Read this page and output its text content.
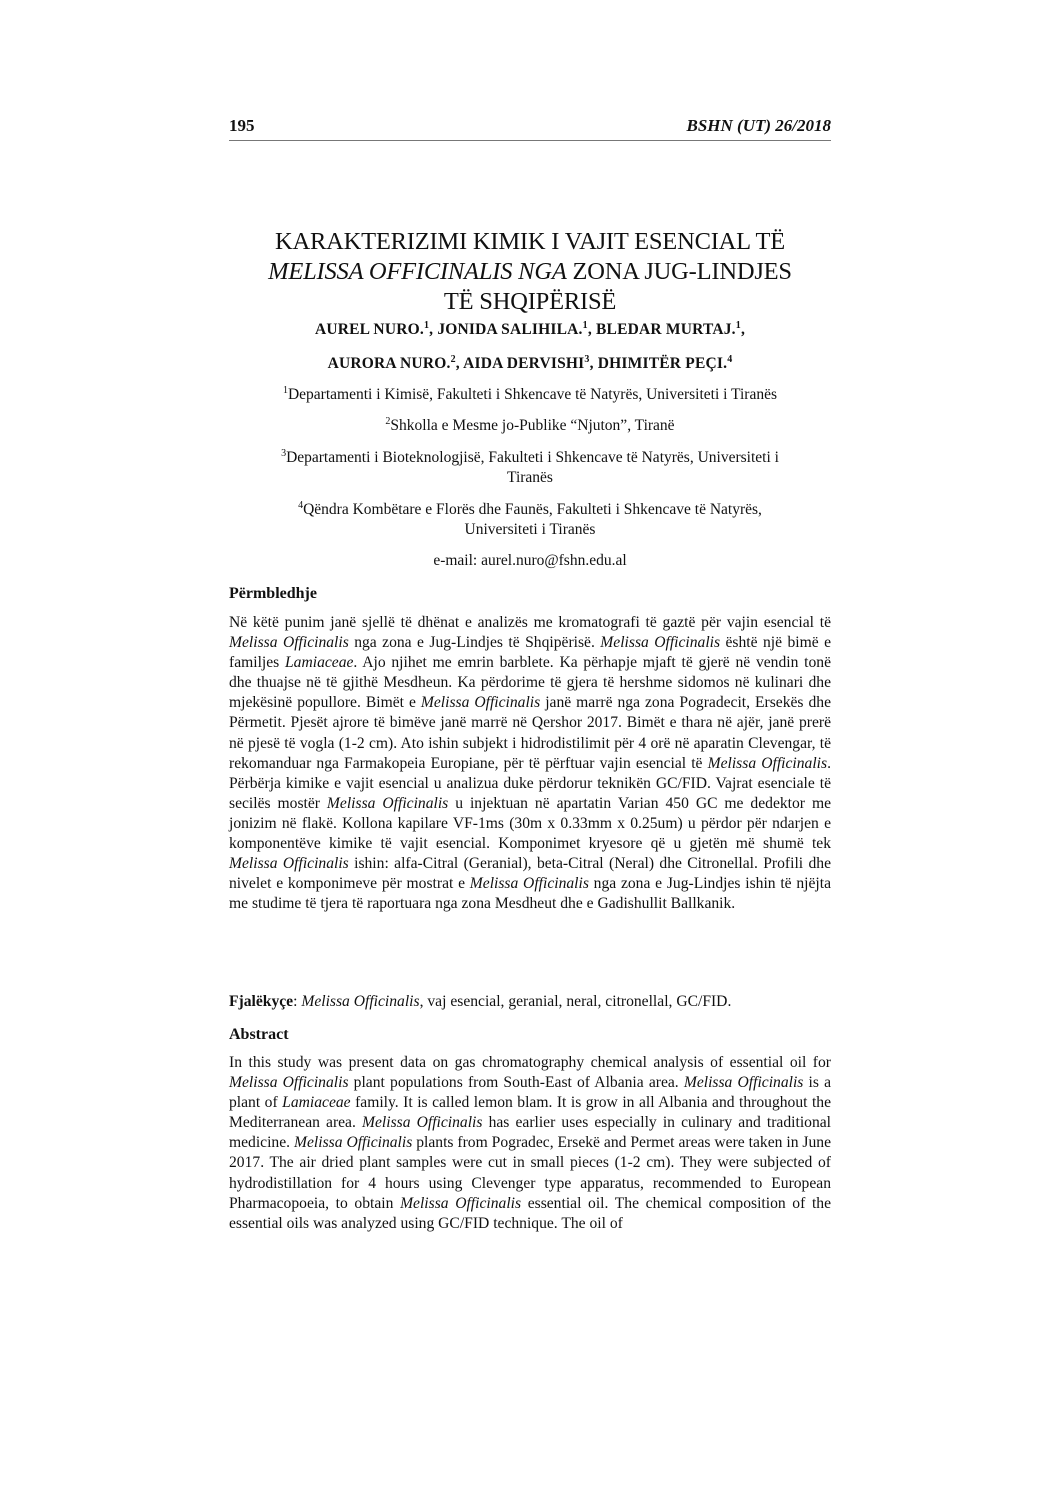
195	BSHN (UT) 26/2018
KARAKTERIZIMI KIMIK I VAJIT ESENCIAL TË
MELISSA OFFICINALIS NGA ZONA JUG-LINDJES
TË SHQIPËRISË
AUREL NURO.$^1$, JONIDA SALIHILA.$^1$, BLEDAR MURTAJ.$^1$,
AURORA NURO.$^2$, AIDA DERVISHI$^3$, DHIMITËR PEÇI.$^4$
$^1$Departamenti i Kimisë, Fakulteti i Shkencave të Natyrës, Universiteti i Tiranës
$^2$Shkolla e Mesme jo-Publike “Njuton”, Tiranë
$^3$Departamenti i Bioteknologjisë, Fakulteti i Shkencave të Natyrës, Universiteti i
Tiranës
$^4$Qëndra Kombëtare e Florës dhe Faunës, Fakulteti i Shkencave të Natyrës,
Universiteti i Tiranës
e-mail: aurel.nuro@fshn.edu.al
Përmbledhje

Në këtë punim janë sjellë të dhënat e analizës me kromatografi të gaztë për vajin esencial të Melissa Officinalis nga zona e Jug-Lindjes të Shqipërisë. Melissa Officinalis është një bimë e familjes Lamiaceae. Ajo njihet me emrin barblete. Ka përhapje mjaft të gjerë në vendin tonë dhe thuajse në të gjithë Mesdheun. Ka përdorime të gjera të hershme sidomos në kulinari dhe mjekësinë popullore. Bimët e Melissa Officinalis janë marrë nga zona Pogradecit, Ersekës dhe Përmetit. Pjesët ajrore të bimëve janë marrë në Qershor 2017. Bimët e thara në ajër, janë prerë në pjesë të vogla (1-2 cm). Ato ishin subjekt i hidrodistilimit për 4 orë në aparatin Clevengar, të rekomanduar nga Farmakopeia Europiane, për të përftuar vajin esencial të Melissa Officinalis. Përbërja kimike e vajit esencial u analizua duke përdorur teknikën GC/FID. Vajrat esenciale të secilës mostër Melissa Officinalis u injektuan në apartatin Varian 450 GC me dedektor me jonizim në flakë. Kollona kapilare VF-1ms (30m x 0.33mm x 0.25um) u përdor për ndarjen e komponentëve kimike të vajit esencial. Komponimet kryesore që u gjetën më shumë tek Melissa Officinalis ishin: alfa-Citral (Geranial), beta-Citral (Neral) dhe Citronellal. Profili dhe nivelet e komponimeve për mostrat e Melissa Officinalis nga zona e Jug-Lindjes ishin të njëjta me studime të tjera të raportuara nga zona Mesdheut dhe e Gadishullit Ballkanik.

Fjalëkyçe: Melissa Officinalis, vaj esencial, geranial, neral, citronellal, GC/FID.

Abstract

In this study was present data on gas chromatography chemical analysis of essential oil for Melissa Officinalis plant populations from South-East of Albania area. Melissa Officinalis is a plant of Lamiaceae family. It is called lemon blam. It is grow in all Albania and throughout the Mediterranean area. Melissa Officinalis has earlier uses especially in culinary and traditional medicine. Melissa Officinalis plants from Pogradec, Ersekë and Permet areas were taken in June 2017. The air dried plant samples were cut in small pieces (1-2 cm). They were subjected of hydrodistillation for 4 hours using Clevenger type apparatus, recommended to European Pharmacopoeia, to obtain Melissa Officinalis essential oil. The chemical composition of the essential oils was analyzed using GC/FID technique. The oil of
